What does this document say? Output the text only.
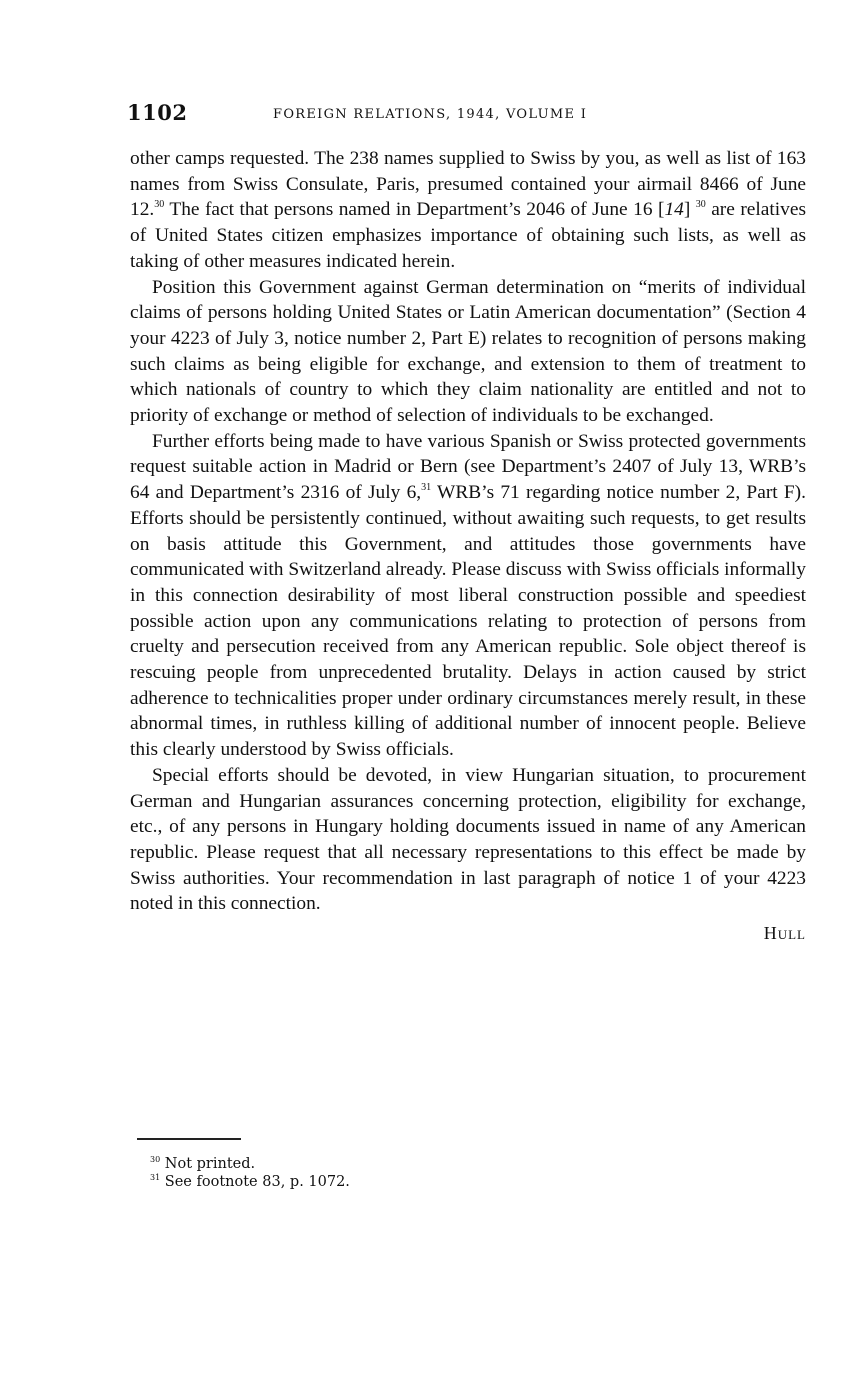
1102	FOREIGN RELATIONS, 1944, VOLUME I

other camps requested. The 238 names supplied to Swiss by you, as well as list of 163 names from Swiss Consulate, Paris, presumed contained your airmail 8466 of June 12.30 The fact that persons named in Department’s 2046 of June 16 [14] $^{30}$ are relatives of United States citizen emphasizes importance of obtaining such lists, as well as taking of other measures indicated herein.

Position this Government against German determination on “merits of individual claims of persons holding United States or Latin American documentation” (Section 4 your 4223 of July 3, notice number 2, Part E) relates to recognition of persons making such claims as being eligible for exchange, and extension to them of treatment to which nationals of country to which they claim nationality are entitled and not to priority of exchange or method of selection of individuals to be exchanged.

Further efforts being made to have various Spanish or Swiss protected governments request suitable action in Madrid or Bern (see Department’s 2407 of July 13, WRB’s 64 and Department’s 2316 of July 6,31 WRB’s 71 regarding notice number 2, Part F). Efforts should be persistently continued, without awaiting such requests, to get results on basis attitude this Government, and attitudes those governments have communicated with Switzerland already. Please discuss with Swiss officials informally in this connection desirability of most liberal construction possible and speediest possible action upon any communications relating to protection of persons from cruelty and persecution received from any American republic. Sole object thereof is rescuing people from unprecedented brutality. Delays in action caused by strict adherence to technicalities proper under ordinary circumstances merely result, in these abnormal times, in ruthless killing of additional number of innocent people. Believe this clearly understood by Swiss officials.

Special efforts should be devoted, in view Hungarian situation, to procurement German and Hungarian assurances concerning protection, eligibility for exchange, etc., of any persons in Hungary holding documents issued in name of any American republic. Please request that all necessary representations to this effect be made by Swiss authorities. Your recommendation in last paragraph of notice 1 of your 4223 noted in this connection.

Hull
$^{30}$ Not printed.
$^{31}$ See footnote 83, p. 1072.
